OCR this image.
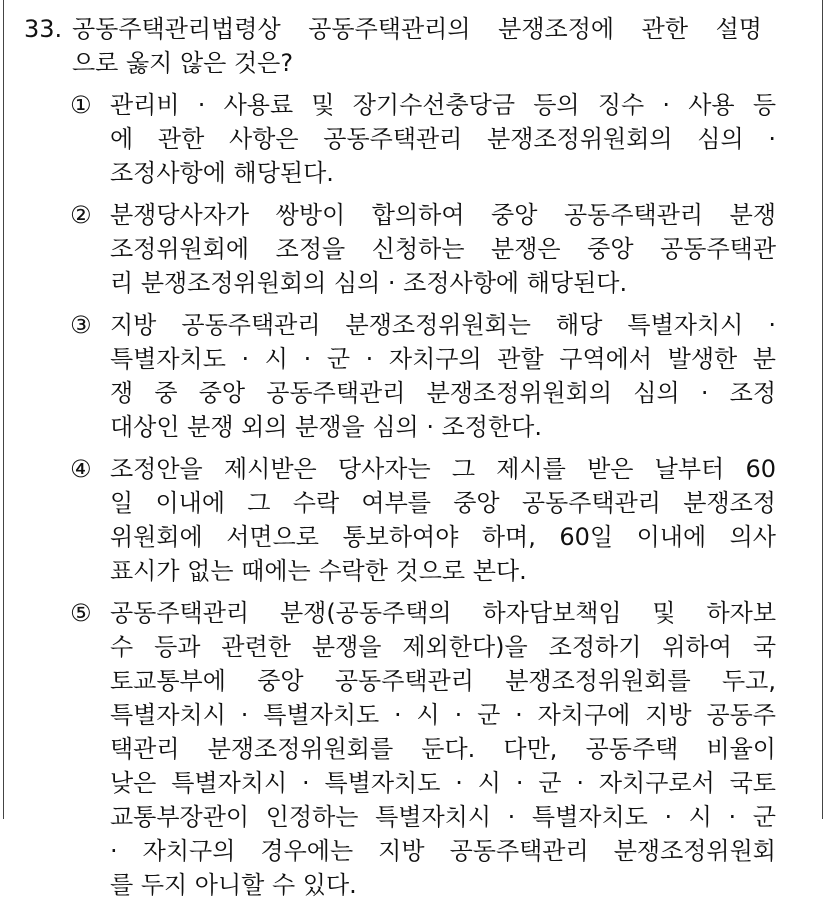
33. 공동주택관리법령상 공동주택관리의 분쟁조정에 관한 설명
으로 옳지 않은 것은?
① 관리비 · 사용료 및 장기수선충당금 등의 징수 · 사용 등
에 관한 사항은 공동주택관리 분쟁조정위원회의 심의 ·
조정사항에 해당된다.
② 분쟁당사자가 쌍방이 합의하여 중앙 공동주택관리 분쟁
조정위원회에 조정을 신청하는 분쟁은 중앙 공동주택관
리 분쟁조정위원회의 심의 · 조정사항에 해당된다.
③ 지방 공동주택관리 분쟁조정위원회는 해당 특별자치시 ·
특별자치도 · 시 · 군 · 자치구의 관할 구역에서 발생한 분
쟁 중 중앙 공동주택관리 분쟁조정위원회의 심의 · 조정
대상인 분쟁 외의 분쟁을 심의 · 조정한다.
④ 조정안을 제시받은 당사자는 그 제시를 받은 날부터 60
일 이내에 그 수락 여부를 중앙 공동주택관리 분쟁조정
위원회에 서면으로 통보하여야 하며, 60일 이내에 의사
표시가 없는 때에는 수락한 것으로 본다.
⑤ 공동주택관리 분쟁(공동주택의 하자담보책임 및 하자보
수 등과 관련한 분쟁을 제외한다)을 조정하기 위하여 국
토교통부에 중앙 공동주택관리 분쟁조정위원회를 두고,
특별자치시 · 특별자치도 · 시 · 군 · 자치구에 지방 공동주
택관리 분쟁조정위원회를 둔다. 다만, 공동주택 비율이
낮은 특별자치시 · 특별자치도 · 시 · 군 · 자치구로서 국토
교통부장관이 인정하는 특별자치시 · 특별자치도 · 시 · 군
· 자치구의 경우에는 지방 공동주택관리 분쟁조정위원회
를 두지 아니할 수 있다.
